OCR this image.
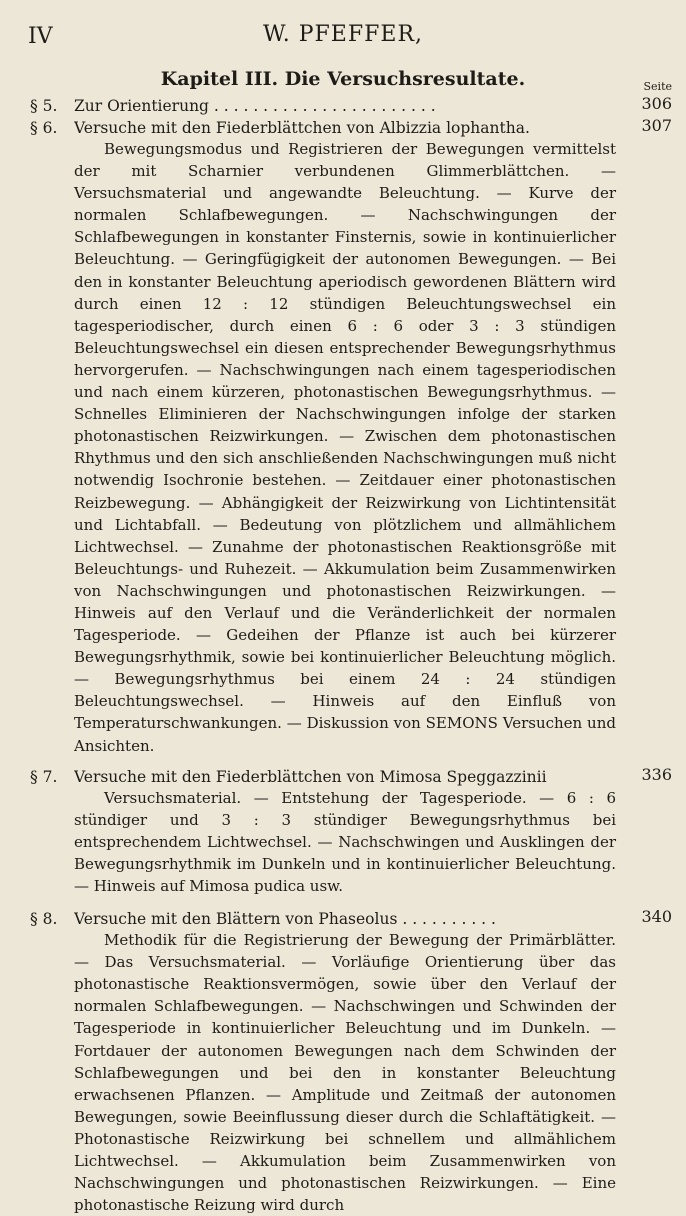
IV	W. PFEFFER,
Kapitel III. Die Versuchsresultate.	Seite
§ 5. Zur Orientierung . . . . . . . . . . . . . . . . . . . . . . .	306
§ 6. Versuche mit den Fiederblättchen von Albizzia lophantha.	307

Bewegungsmodus und Registrieren der Bewegungen vermittelst der mit Scharnier verbundenen Glimmerblättchen. — Versuchsmaterial und angewandte Beleuchtung. — Kurve der normalen Schlafbewegungen. — Nachschwingungen der Schlafbewegungen in konstanter Finsternis, sowie in kontinuierlicher Beleuchtung. — Geringfügigkeit der autonomen Bewegungen. — Bei den in konstanter Beleuchtung aperiodisch gewordenen Blättern wird durch einen 12 : 12 stündigen Beleuchtungswechsel ein tagesperiodischer, durch einen 6 : 6 oder 3 : 3 stündigen Beleuchtungswechsel ein diesen entsprechender Bewegungsrhythmus hervorgerufen. — Nachschwingungen nach einem tagesperiodischen und nach einem kürzeren, photonastischen Bewegungsrhythmus. — Schnelles Eliminieren der Nachschwingungen infolge der starken photonastischen Reizwirkungen. — Zwischen dem photonastischen Rhythmus und den sich anschließenden Nachschwingungen muß nicht notwendig Isochronie bestehen. — Zeitdauer einer photonastischen Reizbewegung. — Abhängigkeit der Reizwirkung von Lichtintensität und Lichtabfall. — Bedeutung von plötzlichem und allmählichem Lichtwechsel. — Zunahme der photonastischen Reaktionsgröße mit Beleuchtungs- und Ruhezeit. — Akkumulation beim Zusammenwirken von Nachschwingungen und photonastischen Reizwirkungen. — Hinweis auf den Verlauf und die Veränderlichkeit der normalen Tagesperiode. — Gedeihen der Pflanze ist auch bei kürzerer Bewegungsrhythmik, sowie bei kontinuierlicher Beleuchtung möglich. — Bewegungsrhythmus bei einem 24 : 24 stündigen Beleuchtungswechsel. — Hinweis auf den Einfluß von Temperaturschwankungen. — Diskussion von SEMONS Versuchen und Ansichten.

§ 7. Versuche mit den Fiederblättchen von Mimosa Speggazzinii	336

Versuchsmaterial. — Entstehung der Tagesperiode. — 6 : 6 stündiger und 3 : 3 stündiger Bewegungsrhythmus bei entsprechendem Lichtwechsel. — Nachschwingen und Ausklingen der Bewegungsrhythmik im Dunkeln und in kontinuierlicher Beleuchtung. — Hinweis auf Mimosa pudica usw.

§ 8. Versuche mit den Blättern von Phaseolus . . . . . . . . . .	340

Methodik für die Registrierung der Bewegung der Primärblätter. — Das Versuchsmaterial. — Vorläufige Orientierung über das photonastische Reaktionsvermögen, sowie über den Verlauf der normalen Schlafbewegungen. — Nachschwingen und Schwinden der Tagesperiode in kontinuierlicher Beleuchtung und im Dunkeln. — Fortdauer der autonomen Bewegungen nach dem Schwinden der Schlafbewegungen und bei den in konstanter Beleuchtung erwachsenen Pflanzen. — Amplitude und Zeitmaß der autonomen Bewegungen, sowie Beeinflussung dieser durch die Schlaftätigkeit. — Photonastische Reizwirkung bei schnellem und allmählichem Lichtwechsel. — Akkumulation beim Zusammenwirken von Nachschwingungen und photonastischen Reizwirkungen. — Eine photonastische Reizung wird durch
